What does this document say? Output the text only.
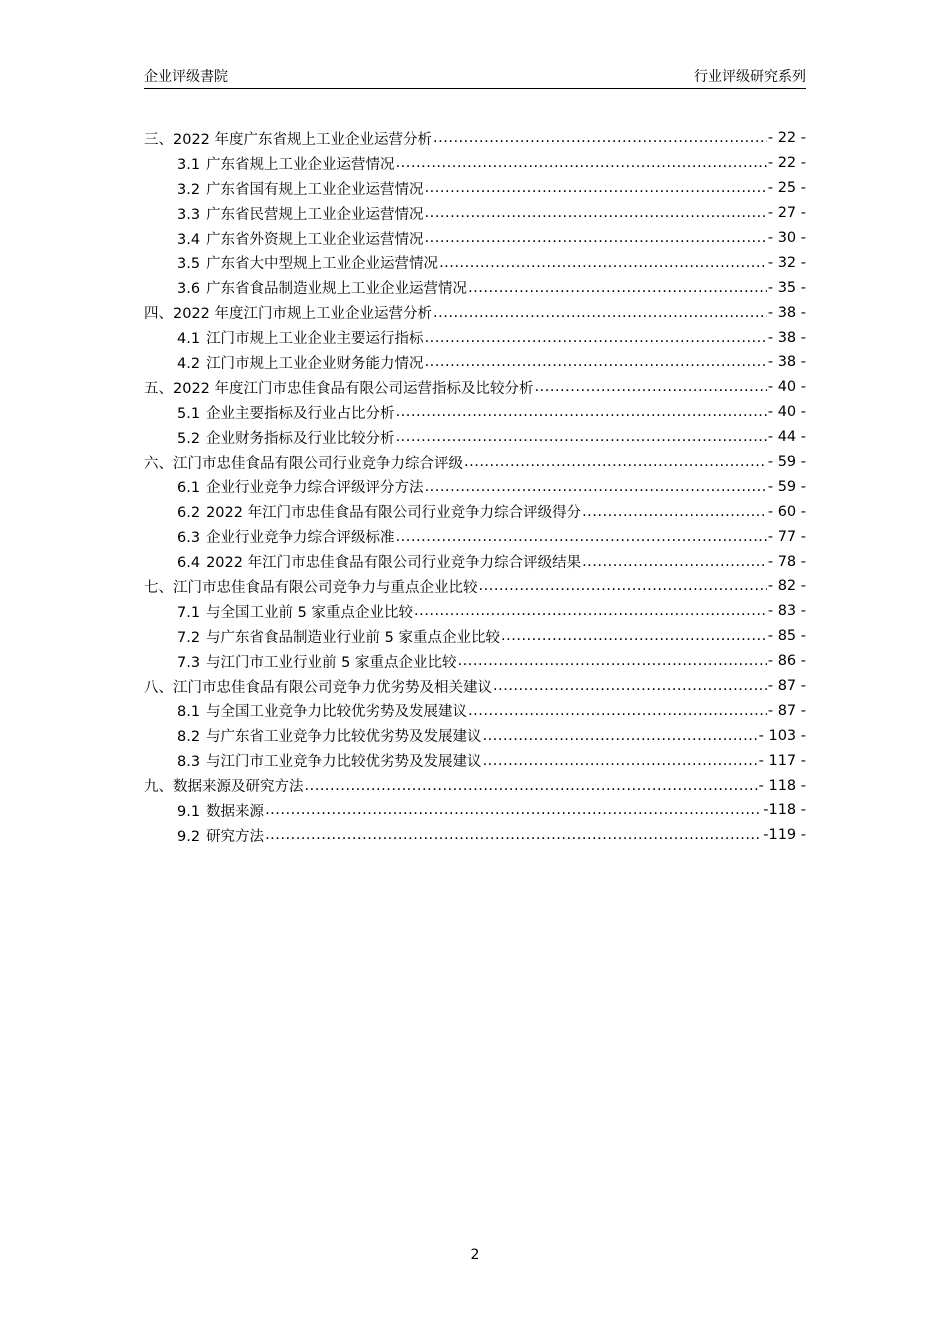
企业评级書院	行业评级研究系列
三、2022 年度广东省规上工业企业运营分析 .....	- 22 -
3.1 广东省规上工业企业运营情况 .....	- 22 -
3.2 广东省国有规上工业企业运营情况 .....	- 25 -
3.3 广东省民营规上工业企业运营情况 .....	- 27 -
3.4 广东省外资规上工业企业运营情况 .....	- 30 -
3.5 广东省大中型规上工业企业运营情况 .....	- 32 -
3.6 广东省食品制造业规上工业企业运营情况 .....	- 35 -
四、2022 年度江门市规上工业企业运营分析 .....	- 38 -
4.1 江门市规上工业企业主要运行指标 .....	- 38 -
4.2 江门市规上工业企业财务能力情况 .....	- 38 -
五、2022 年度江门市忠佳食品有限公司运营指标及比较分析 .....	- 40 -
5.1 企业主要指标及行业占比分析 .....	- 40 -
5.2 企业财务指标及行业比较分析 .....	- 44 -
六、江门市忠佳食品有限公司行业竞争力综合评级 .....	- 59 -
6.1 企业行业竞争力综合评级评分方法 .....	- 59 -
6.2 2022 年江门市忠佳食品有限公司行业竞争力综合评级得分 .....	- 60 -
6.3 企业行业竞争力综合评级标准 .....	- 77 -
6.4 2022 年江门市忠佳食品有限公司行业竞争力综合评级结果 .....	- 78 -
七、江门市忠佳食品有限公司竞争力与重点企业比较 .....	- 82 -
7.1 与全国工业前 5 家重点企业比较 .....	- 83 -
7.2 与广东省食品制造业行业前 5 家重点企业比较 .....	- 85 -
7.3 与江门市工业行业前 5 家重点企业比较 .....	- 86 -
八、江门市忠佳食品有限公司竞争力优劣势及相关建议 .....	- 87 -
8.1 与全国工业竞争力比较优劣势及发展建议 .....	- 87 -
8.2 与广东省工业竞争力比较优劣势及发展建议 .....	- 103 -
8.3 与江门市工业竞争力比较优劣势及发展建议 .....	- 117 -
九、数据来源及研究方法 .....	- 118 -
9.1 数据来源 .....	-118 -
9.2 研究方法 .....	-119 -
2
